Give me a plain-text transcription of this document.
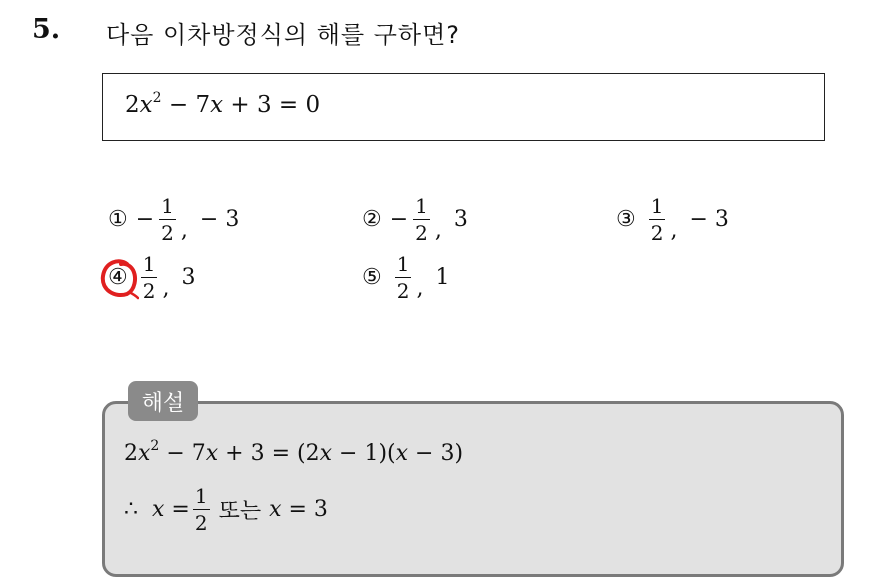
5. 다음 이차방정식의 해를 구하면?
$2x^2 - 7x + 3 = 0$
① − $\frac{1}{2}$ , − 3	② − $\frac{1}{2}$ , 3	③ $\frac{1}{2}$ , − 3
④ $\frac{1}{2}$ , 3	⑤ $\frac{1}{2}$ , 1
해설
$2x^2 - 7x + 3 = (2x - 1)(x - 3)$
∴  $x = \frac{1}{2}$ 또는 x = 3
